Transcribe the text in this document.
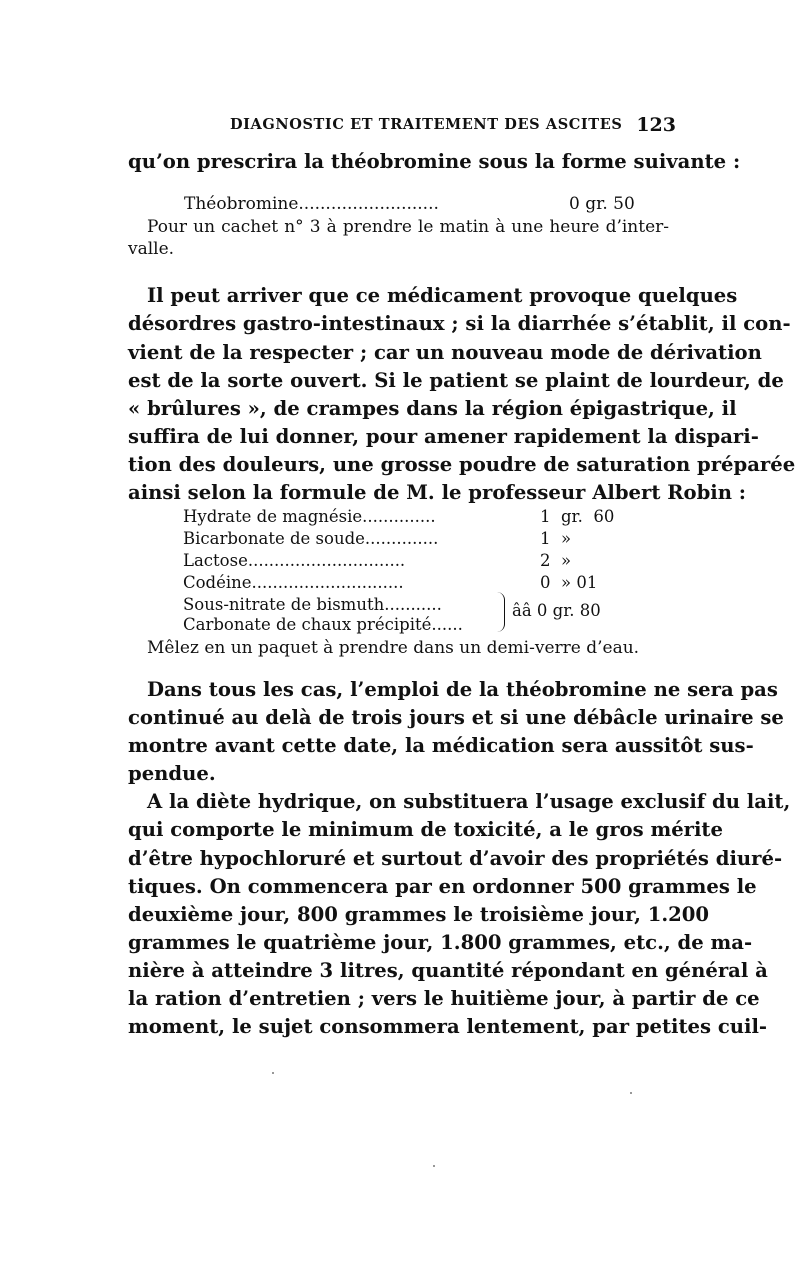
DIAGNOSTIC ET TRAITEMENT DES ASCITES 123
qu’on prescrira la théobromine sous la forme suivante :
Théobromine..........................	0 gr. 50
Pour un cachet n° 3 à prendre le matin à une heure d’inter-
valle.
Il peut arriver que ce médicament provoque quelques
désordres gastro-intestinaux ; si la diarrhée s’établit, il con-
vient de la respecter ; car un nouveau mode de dérivation
est de la sorte ouvert. Si le patient se plaint de lourdeur, de
« brûlures », de crampes dans la région épigastrique, il
suffira de lui donner, pour amener rapidement la dispari-
tion des douleurs, une grosse poudre de saturation préparée
ainsi selon la formule de M. le professeur Albert Robin :
Hydrate de magnésie..............	1  gr.  60
Bicarbonate de soude..............	1  »
Lactose..............................	2  »
Codéine.............................	0  » 01
Sous-nitrate de bismuth...........
Carbonate de chaux précipité......
ââ 0 gr. 80
Mêlez en un paquet à prendre dans un demi-verre d’eau.
Dans tous les cas, l’emploi de la théobromine ne sera pas
continué au delà de trois jours et si une débâcle urinaire se
montre avant cette date, la médication sera aussitôt sus-
pendue.
A la diète hydrique, on substituera l’usage exclusif du lait,
qui comporte le minimum de toxicité, a le gros mérite
d’être hypochloruré et surtout d’avoir des propriétés diuré-
tiques. On commencera par en ordonner 500 grammes le
deuxième jour, 800 grammes le troisième jour, 1.200
grammes le quatrième jour, 1.800 grammes, etc., de ma-
nière à atteindre 3 litres, quantité répondant en général à
la ration d’entretien ; vers le huitième jour, à partir de ce
moment, le sujet consommera lentement, par petites cuil-
